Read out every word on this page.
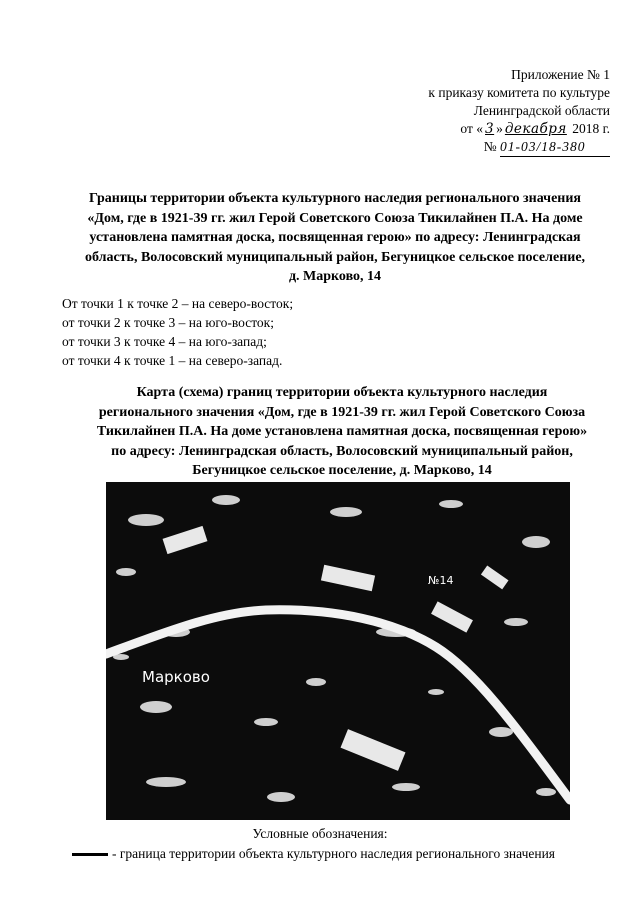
Приложение № 1
к приказу комитета по культуре
Ленинградской области
от « 3 » декабря 2018 г.
№ 01-03/18-380
Границы территории объекта культурного наследия регионального значения
«Дом, где в 1921-39 гг. жил Герой Советского Союза Тикилайнен П.А. На доме
установлена памятная доска, посвященная герою» по адресу: Ленинградская
область, Волосовский муниципальный район, Бегуницкое сельское поселение,
д. Марково, 14
От точки 1 к точке 2 – на северо-восток;
от точки 2 к точке 3 – на юго-восток;
от точки 3 к точке 4 – на юго-запад;
от точки 4 к точке 1 – на северо-запад.
Карта (схема) границ территории объекта культурного наследия
регионального значения «Дом, где в 1921-39 гг. жил Герой Советского Союза
Тикилайнен П.А. На доме установлена памятная доска, посвященная герою»
по адресу: Ленинградская область, Волосовский муниципальный район,
Бегуницкое сельское поселение, д. Марково, 14
Марково
№14
Условные обозначения:
- граница территории объекта культурного наследия регионального значения
